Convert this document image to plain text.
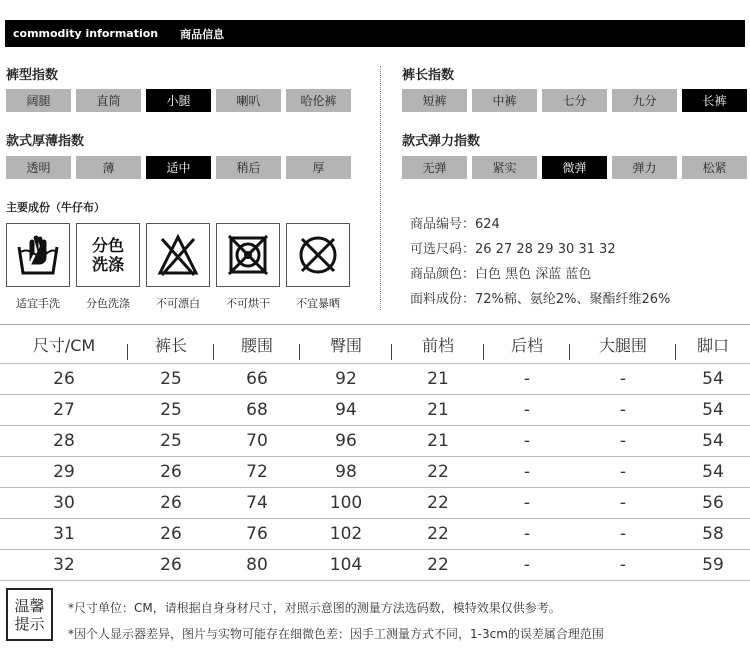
commodity information 商品信息
裤型指数
阔腿	直筒	小腿	喇叭	哈伦裤
裤长指数
短裤	中裤	七分	九分	长裤
款式厚薄指数
透明	薄	适中	稍后	厚
款式弹力指数
无弹	紧实	微弹	弹力	松紧
主要成份（牛仔布）
分色
洗涤
适宜手洗	分色洗涤	不可漂白	不可烘干	不宜暴晒
商品编号：624
可选尺码：26 27 28 29 30 31 32
商品颜色：白色 黑色 深蓝 蓝色
面料成份：72%棉、氨纶2%、聚酯纤维26%
尺寸/CM	裤长	腰围	臀围	前档	后档	大腿围	脚口
26	25	66	92	21	-	-	54
27	25	68	94	21	-	-	54
28	25	70	96	21	-	-	54
29	26	72	98	22	-	-	54
30	26	74	100	22	-	-	56
31	26	76	102	22	-	-	58
32	26	80	104	22	-	-	59
温馨
提示
*尺寸单位：CM，请根据自身身材尺寸，对照示意图的测量方法选码数，模特效果仅供参考。
*因个人显示器差异，图片与实物可能存在细微色差：因手工测量方式不同，1-3cm的误差属合理范围
